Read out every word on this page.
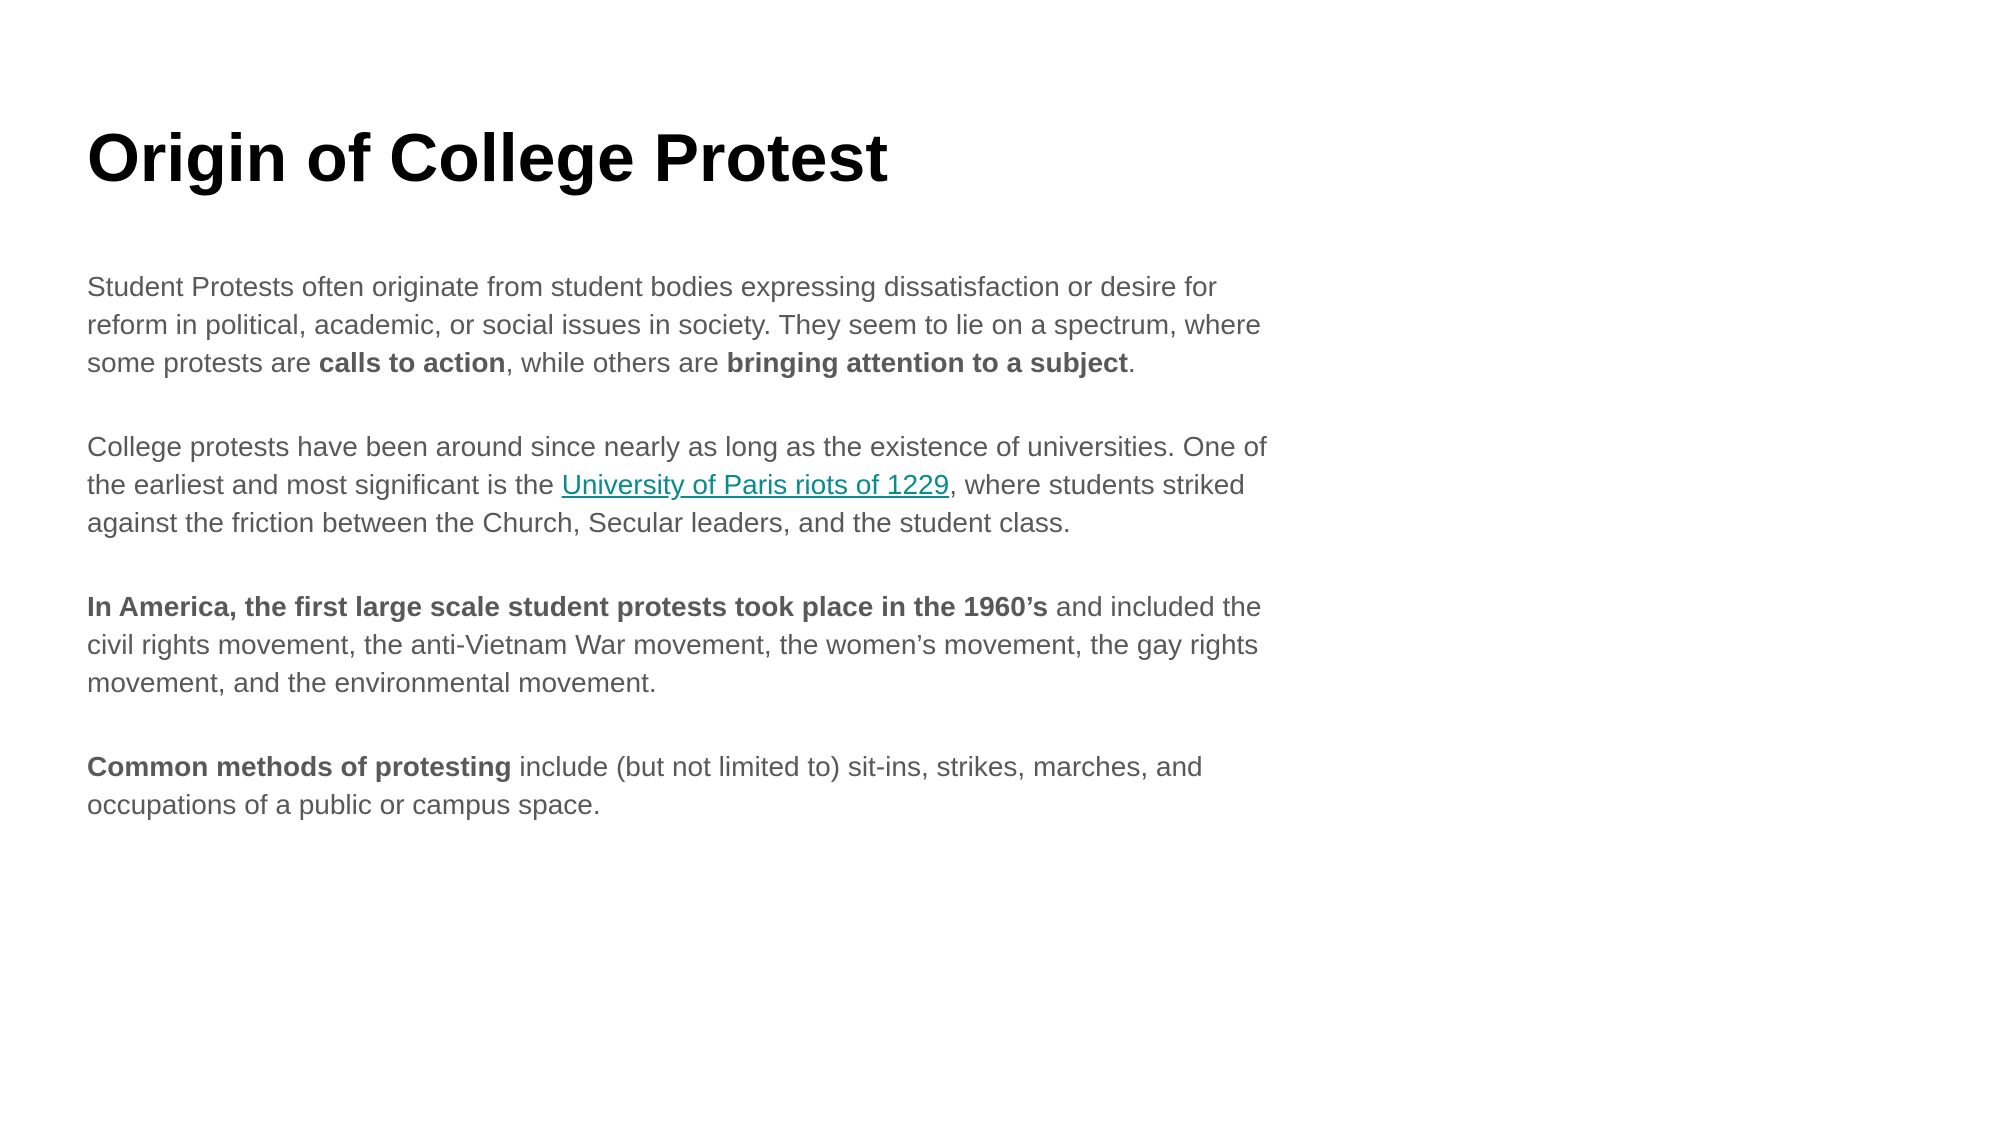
Origin of College Protest

Student Protests often originate from student bodies expressing dissatisfaction or desire for
reform in political, academic, or social issues in society. They seem to lie on a spectrum, where
some protests are calls to action, while others are bringing attention to a subject.

College protests have been around since nearly as long as the existence of universities. One of
the earliest and most significant is the University of Paris riots of 1229, where students striked
against the friction between the Church, Secular leaders, and the student class.

In America, the first large scale student protests took place in the 1960’s and included the
civil rights movement, the anti-Vietnam War movement, the women’s movement, the gay rights
movement, and the environmental movement.

Common methods of protesting include (but not limited to) sit-ins, strikes, marches, and
occupations of a public or campus space.
